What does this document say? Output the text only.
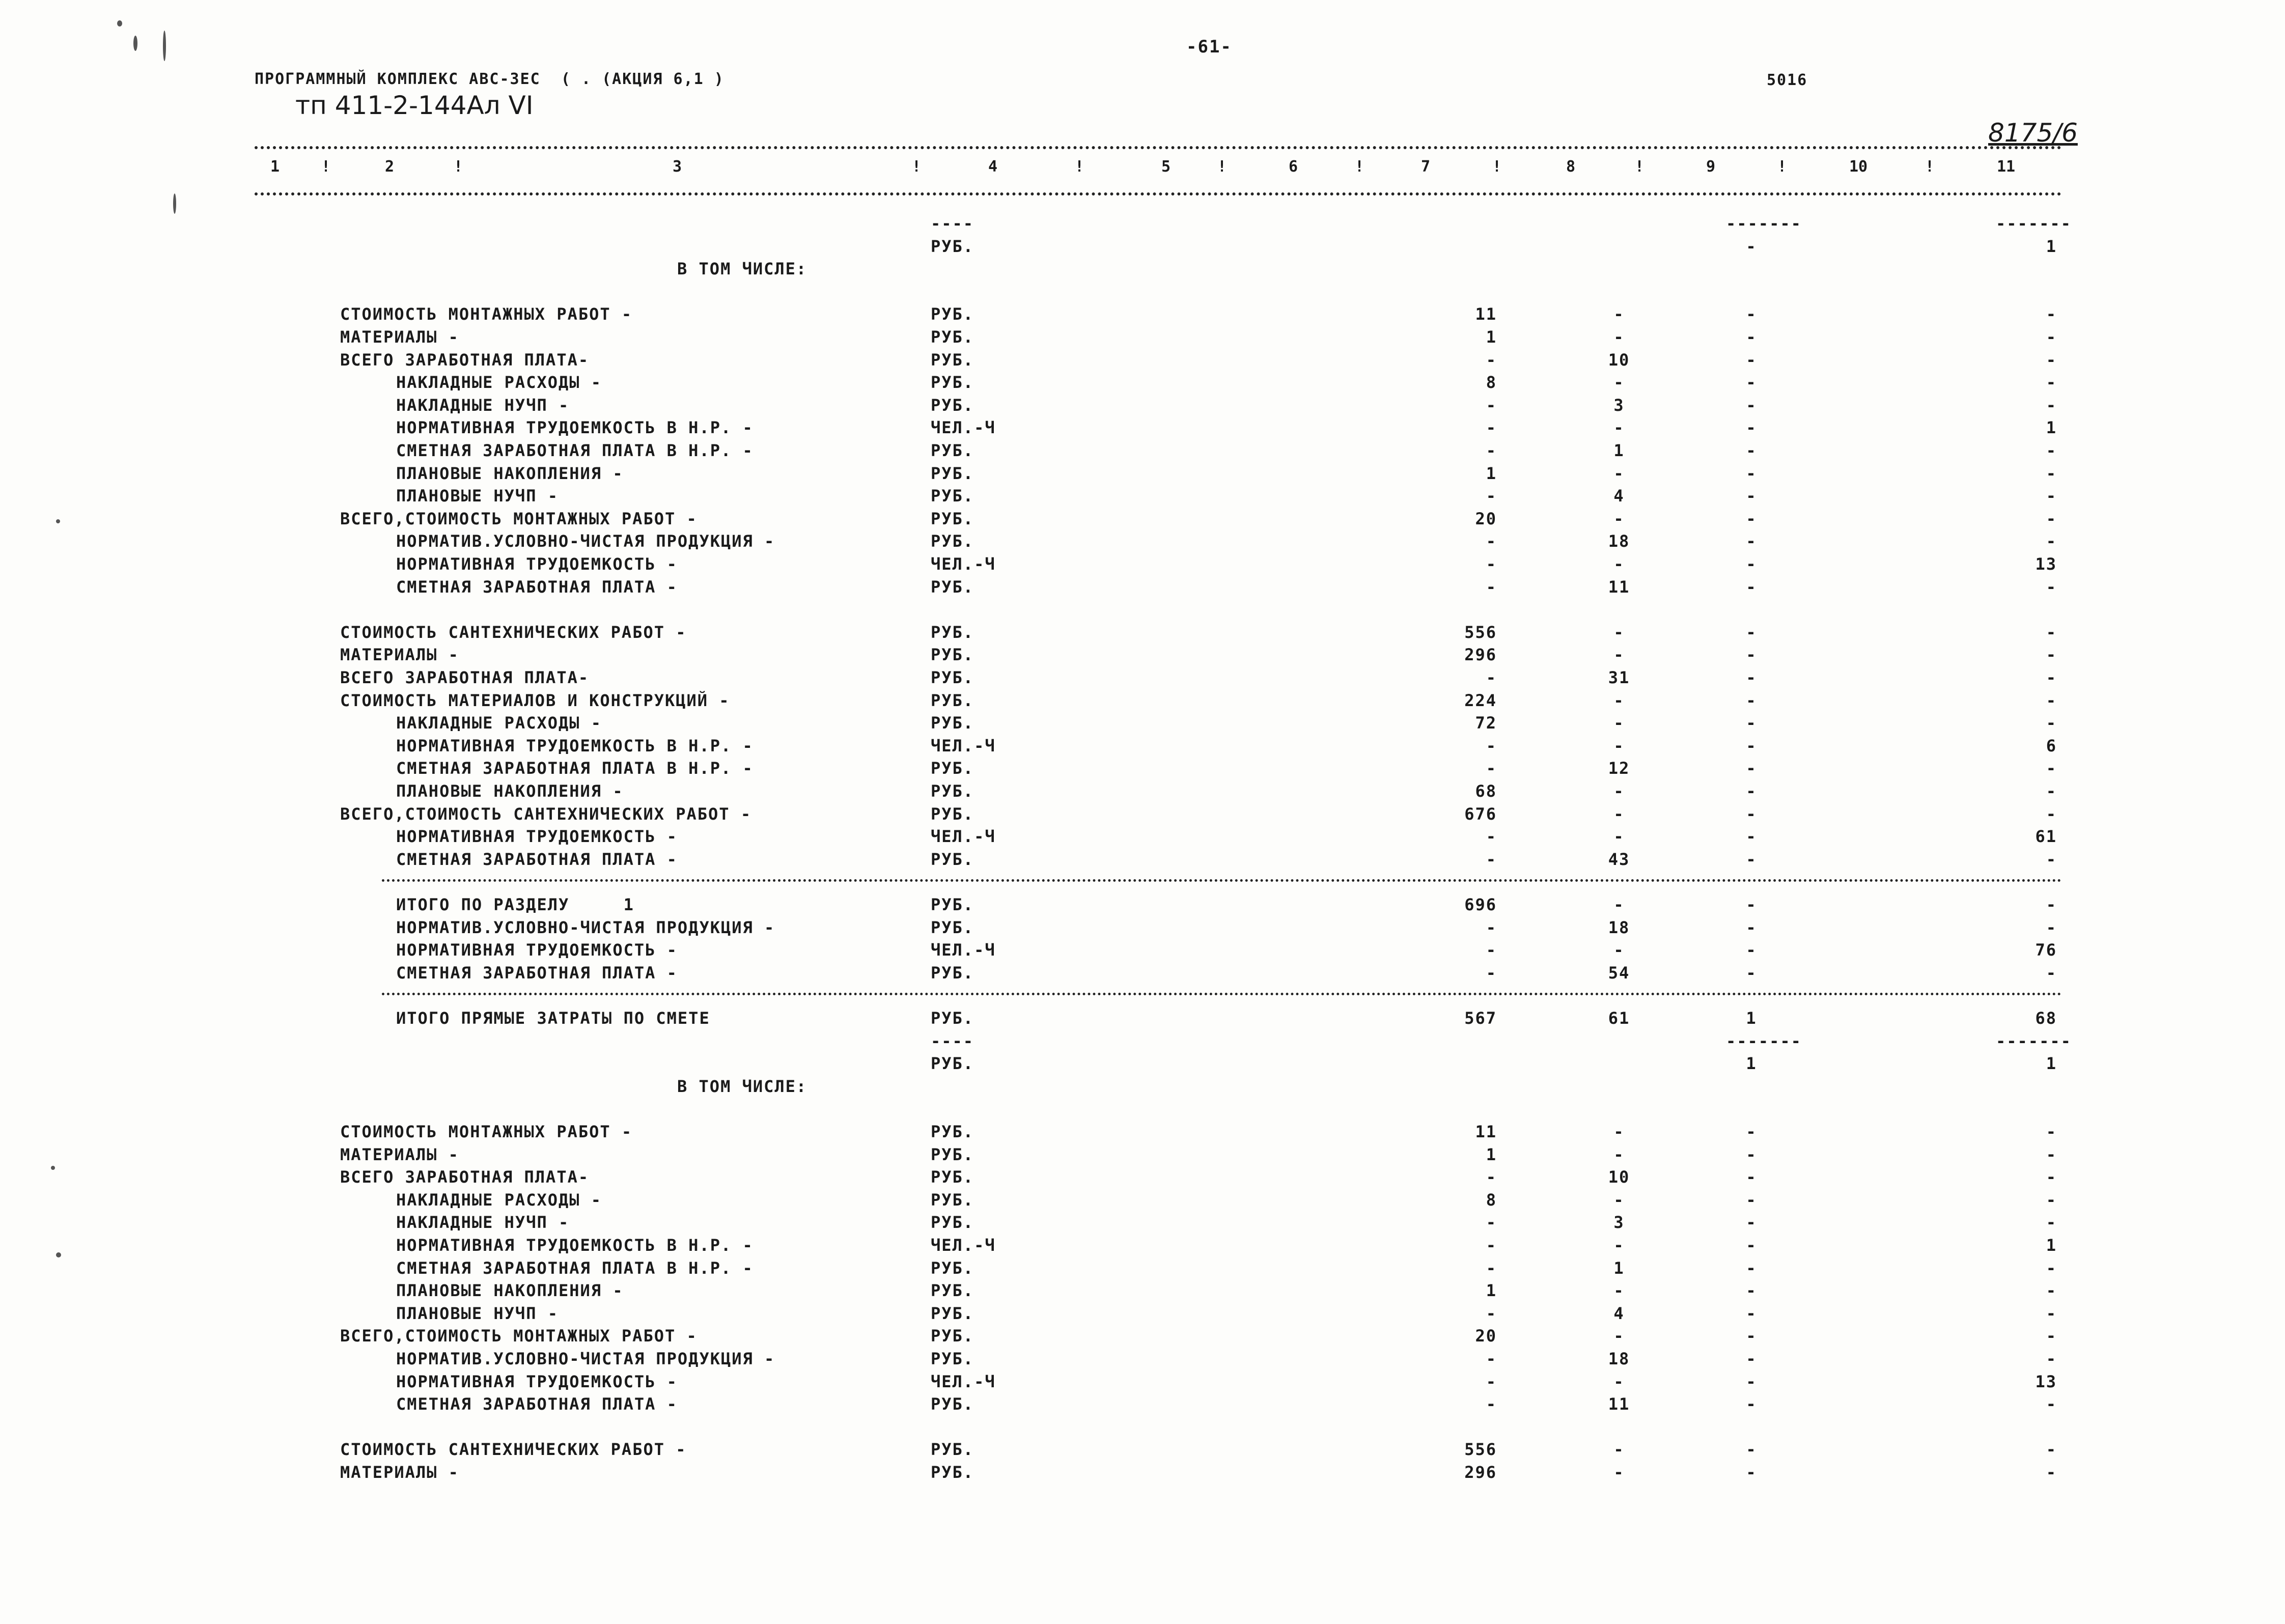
ПРОГРАММНЫЙ КОМПЛЕКС АВС-3ЕС  ( . (АКЦИЯ 6,1 )
-61-
5016
тп 411-2-144Ал VI
8175/6
1	2	3	4	5	6	7	8	9	10	11
!	!	!	!	!	!	!	!	!	!
----	-------	-------
РУБ.	-	1
В ТОМ ЧИСЛЕ:
СТОИМОСТЬ МОНТАЖНЫХ РАБОТ -	РУБ.	11	-	-	-
МАТЕРИАЛЫ -	РУБ.	1	-	-	-
ВСЕГО ЗАРАБОТНАЯ ПЛАТА-	РУБ.	-	10	-	-
НАКЛАДНЫЕ РАСХОДЫ -	РУБ.	8	-	-	-
НАКЛАДНЫЕ НУЧП -	РУБ.	-	3	-	-
НОРМАТИВНАЯ ТРУДОЕМКОСТЬ В Н.Р. -	ЧЕЛ.-Ч	-	-	-	1
СМЕТНАЯ ЗАРАБОТНАЯ ПЛАТА В Н.Р. -	РУБ.	-	1	-	-
ПЛАНОВЫЕ НАКОПЛЕНИЯ -	РУБ.	1	-	-	-
ПЛАНОВЫЕ НУЧП -	РУБ.	-	4	-	-
ВСЕГО,СТОИМОСТЬ МОНТАЖНЫХ РАБОТ -	РУБ.	20	-	-	-
НОРМАТИВ.УСЛОВНО-ЧИСТАЯ ПРОДУКЦИЯ -	РУБ.	-	18	-	-
НОРМАТИВНАЯ ТРУДОЕМКОСТЬ -	ЧЕЛ.-Ч	-	-	-	13
СМЕТНАЯ ЗАРАБОТНАЯ ПЛАТА -	РУБ.	-	11	-	-
СТОИМОСТЬ САНТЕХНИЧЕСКИХ РАБОТ -	РУБ.	556	-	-	-
МАТЕРИАЛЫ -	РУБ.	296	-	-	-
ВСЕГО ЗАРАБОТНАЯ ПЛАТА-	РУБ.	-	31	-	-
СТОИМОСТЬ МАТЕРИАЛОВ И КОНСТРУКЦИЙ -	РУБ.	224	-	-	-
НАКЛАДНЫЕ РАСХОДЫ -	РУБ.	72	-	-	-
НОРМАТИВНАЯ ТРУДОЕМКОСТЬ В Н.Р. -	ЧЕЛ.-Ч	-	-	-	6
СМЕТНАЯ ЗАРАБОТНАЯ ПЛАТА В Н.Р. -	РУБ.	-	12	-	-
ПЛАНОВЫЕ НАКОПЛЕНИЯ -	РУБ.	68	-	-	-
ВСЕГО,СТОИМОСТЬ САНТЕХНИЧЕСКИХ РАБОТ -	РУБ.	676	-	-	-
НОРМАТИВНАЯ ТРУДОЕМКОСТЬ -	ЧЕЛ.-Ч	-	-	-	61
СМЕТНАЯ ЗАРАБОТНАЯ ПЛАТА -	РУБ.	-	43	-	-
ИТОГО ПО РАЗДЕЛУ     1	РУБ.	696	-	-	-
НОРМАТИВ.УСЛОВНО-ЧИСТАЯ ПРОДУКЦИЯ -	РУБ.	-	18	-	-
НОРМАТИВНАЯ ТРУДОЕМКОСТЬ -	ЧЕЛ.-Ч	-	-	-	76
СМЕТНАЯ ЗАРАБОТНАЯ ПЛАТА -	РУБ.	-	54	-	-
ИТОГО ПРЯМЫЕ ЗАТРАТЫ ПО СМЕТЕ	РУБ.	567	61	1	68
----	-------	-------
РУБ.	1	1
В ТОМ ЧИСЛЕ:
СТОИМОСТЬ МОНТАЖНЫХ РАБОТ -	РУБ.	11	-	-	-
МАТЕРИАЛЫ -	РУБ.	1	-	-	-
ВСЕГО ЗАРАБОТНАЯ ПЛАТА-	РУБ.	-	10	-	-
НАКЛАДНЫЕ РАСХОДЫ -	РУБ.	8	-	-	-
НАКЛАДНЫЕ НУЧП -	РУБ.	-	3	-	-
НОРМАТИВНАЯ ТРУДОЕМКОСТЬ В Н.Р. -	ЧЕЛ.-Ч	-	-	-	1
СМЕТНАЯ ЗАРАБОТНАЯ ПЛАТА В Н.Р. -	РУБ.	-	1	-	-
ПЛАНОВЫЕ НАКОПЛЕНИЯ -	РУБ.	1	-	-	-
ПЛАНОВЫЕ НУЧП -	РУБ.	-	4	-	-
ВСЕГО,СТОИМОСТЬ МОНТАЖНЫХ РАБОТ -	РУБ.	20	-	-	-
НОРМАТИВ.УСЛОВНО-ЧИСТАЯ ПРОДУКЦИЯ -	РУБ.	-	18	-	-
НОРМАТИВНАЯ ТРУДОЕМКОСТЬ -	ЧЕЛ.-Ч	-	-	-	13
СМЕТНАЯ ЗАРАБОТНАЯ ПЛАТА -	РУБ.	-	11	-	-
СТОИМОСТЬ САНТЕХНИЧЕСКИХ РАБОТ -	РУБ.	556	-	-	-
МАТЕРИАЛЫ -	РУБ.	296	-	-	-
